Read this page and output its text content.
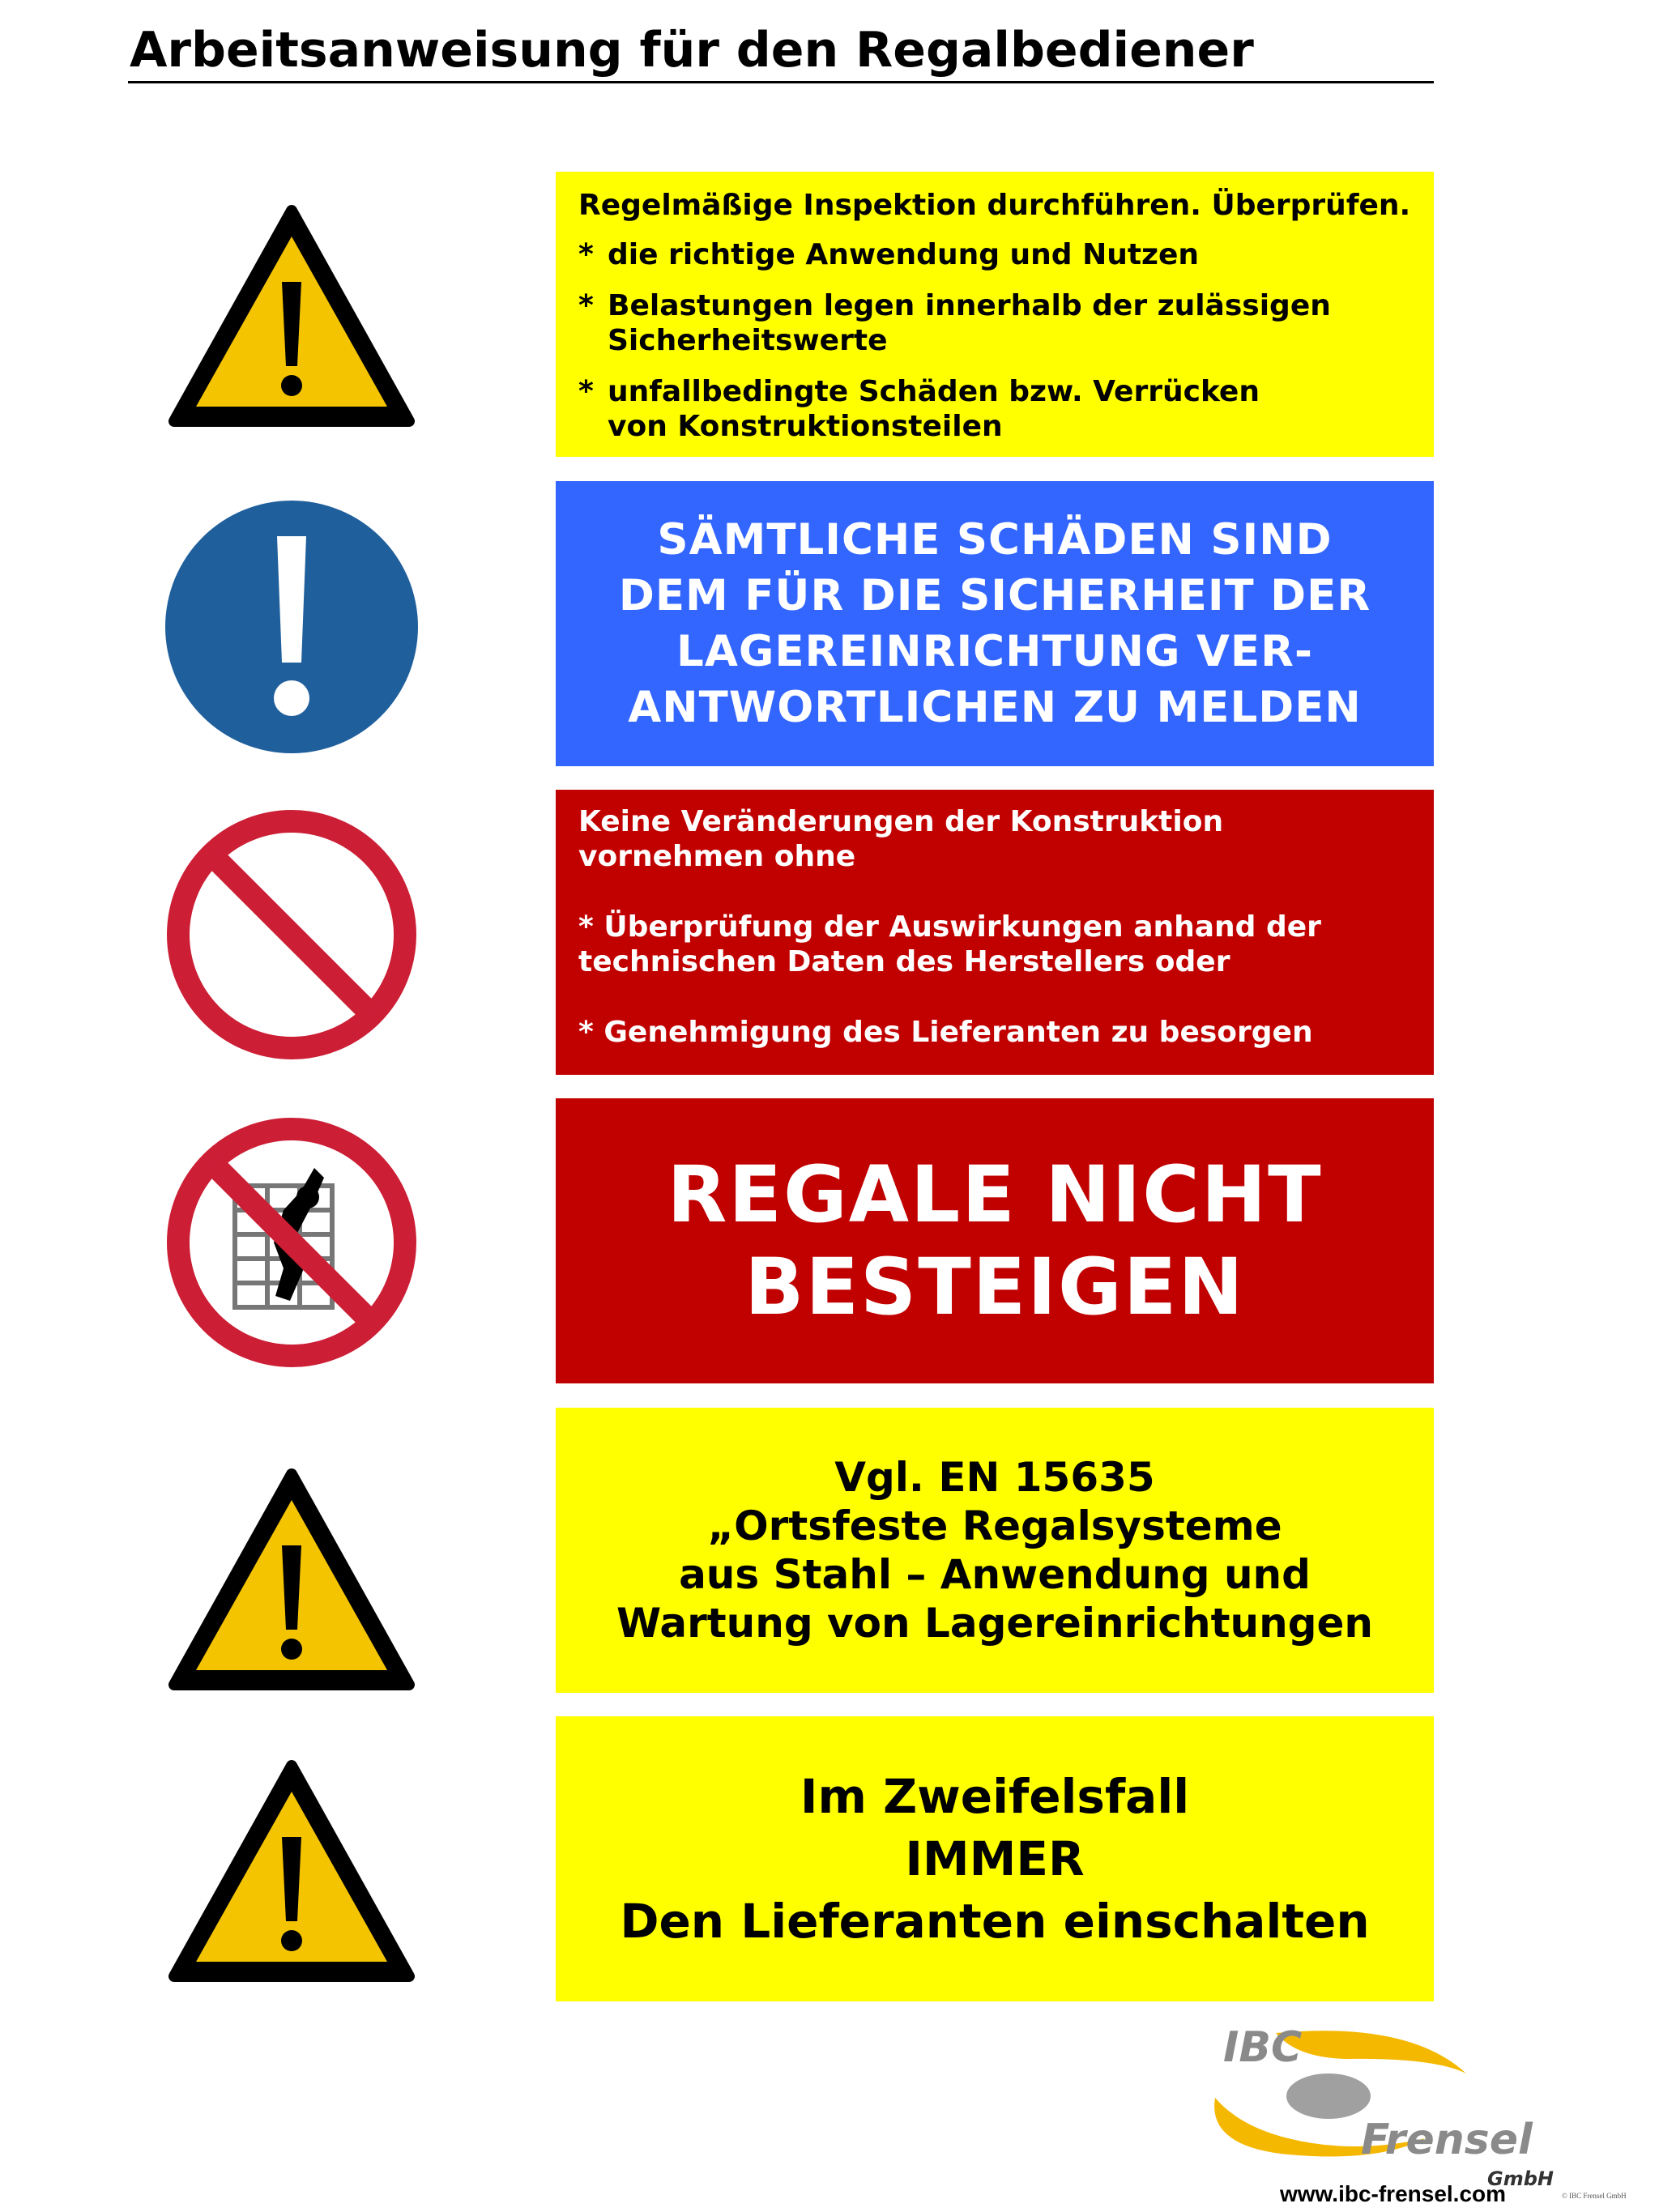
Arbeitsanweisung für den Regalbediener
Regelmäßige Inspektion durchführen. Überprüfen.
* die richtige Anwendung und Nutzen
* Belastungen legen innerhalb der zulässigen Sicherheitswerte
* unfallbedingte Schäden bzw. Verrücken von Konstruktionsteilen
SÄMTLICHE SCHÄDEN SIND
DEM FÜR DIE SICHERHEIT DER
LAGEREINRICHTUNG VER-
ANTWORTLICHEN ZU MELDEN
Keine Veränderungen der Konstruktion vornehmen ohne
* Überprüfung der Auswirkungen anhand der technischen Daten des Herstellers oder
* Genehmigung des Lieferanten zu besorgen
REGALE NICHT
BESTEIGEN
Vgl. EN 15635
„Ortsfeste Regalsysteme
aus Stahl – Anwendung und
Wartung von Lagereinrichtungen
Im Zweifelsfall
IMMER
Den Lieferanten einschalten
IBC
Frensel
GmbH
www.ibc-frensel.com	© IBC Frensel GmbH
